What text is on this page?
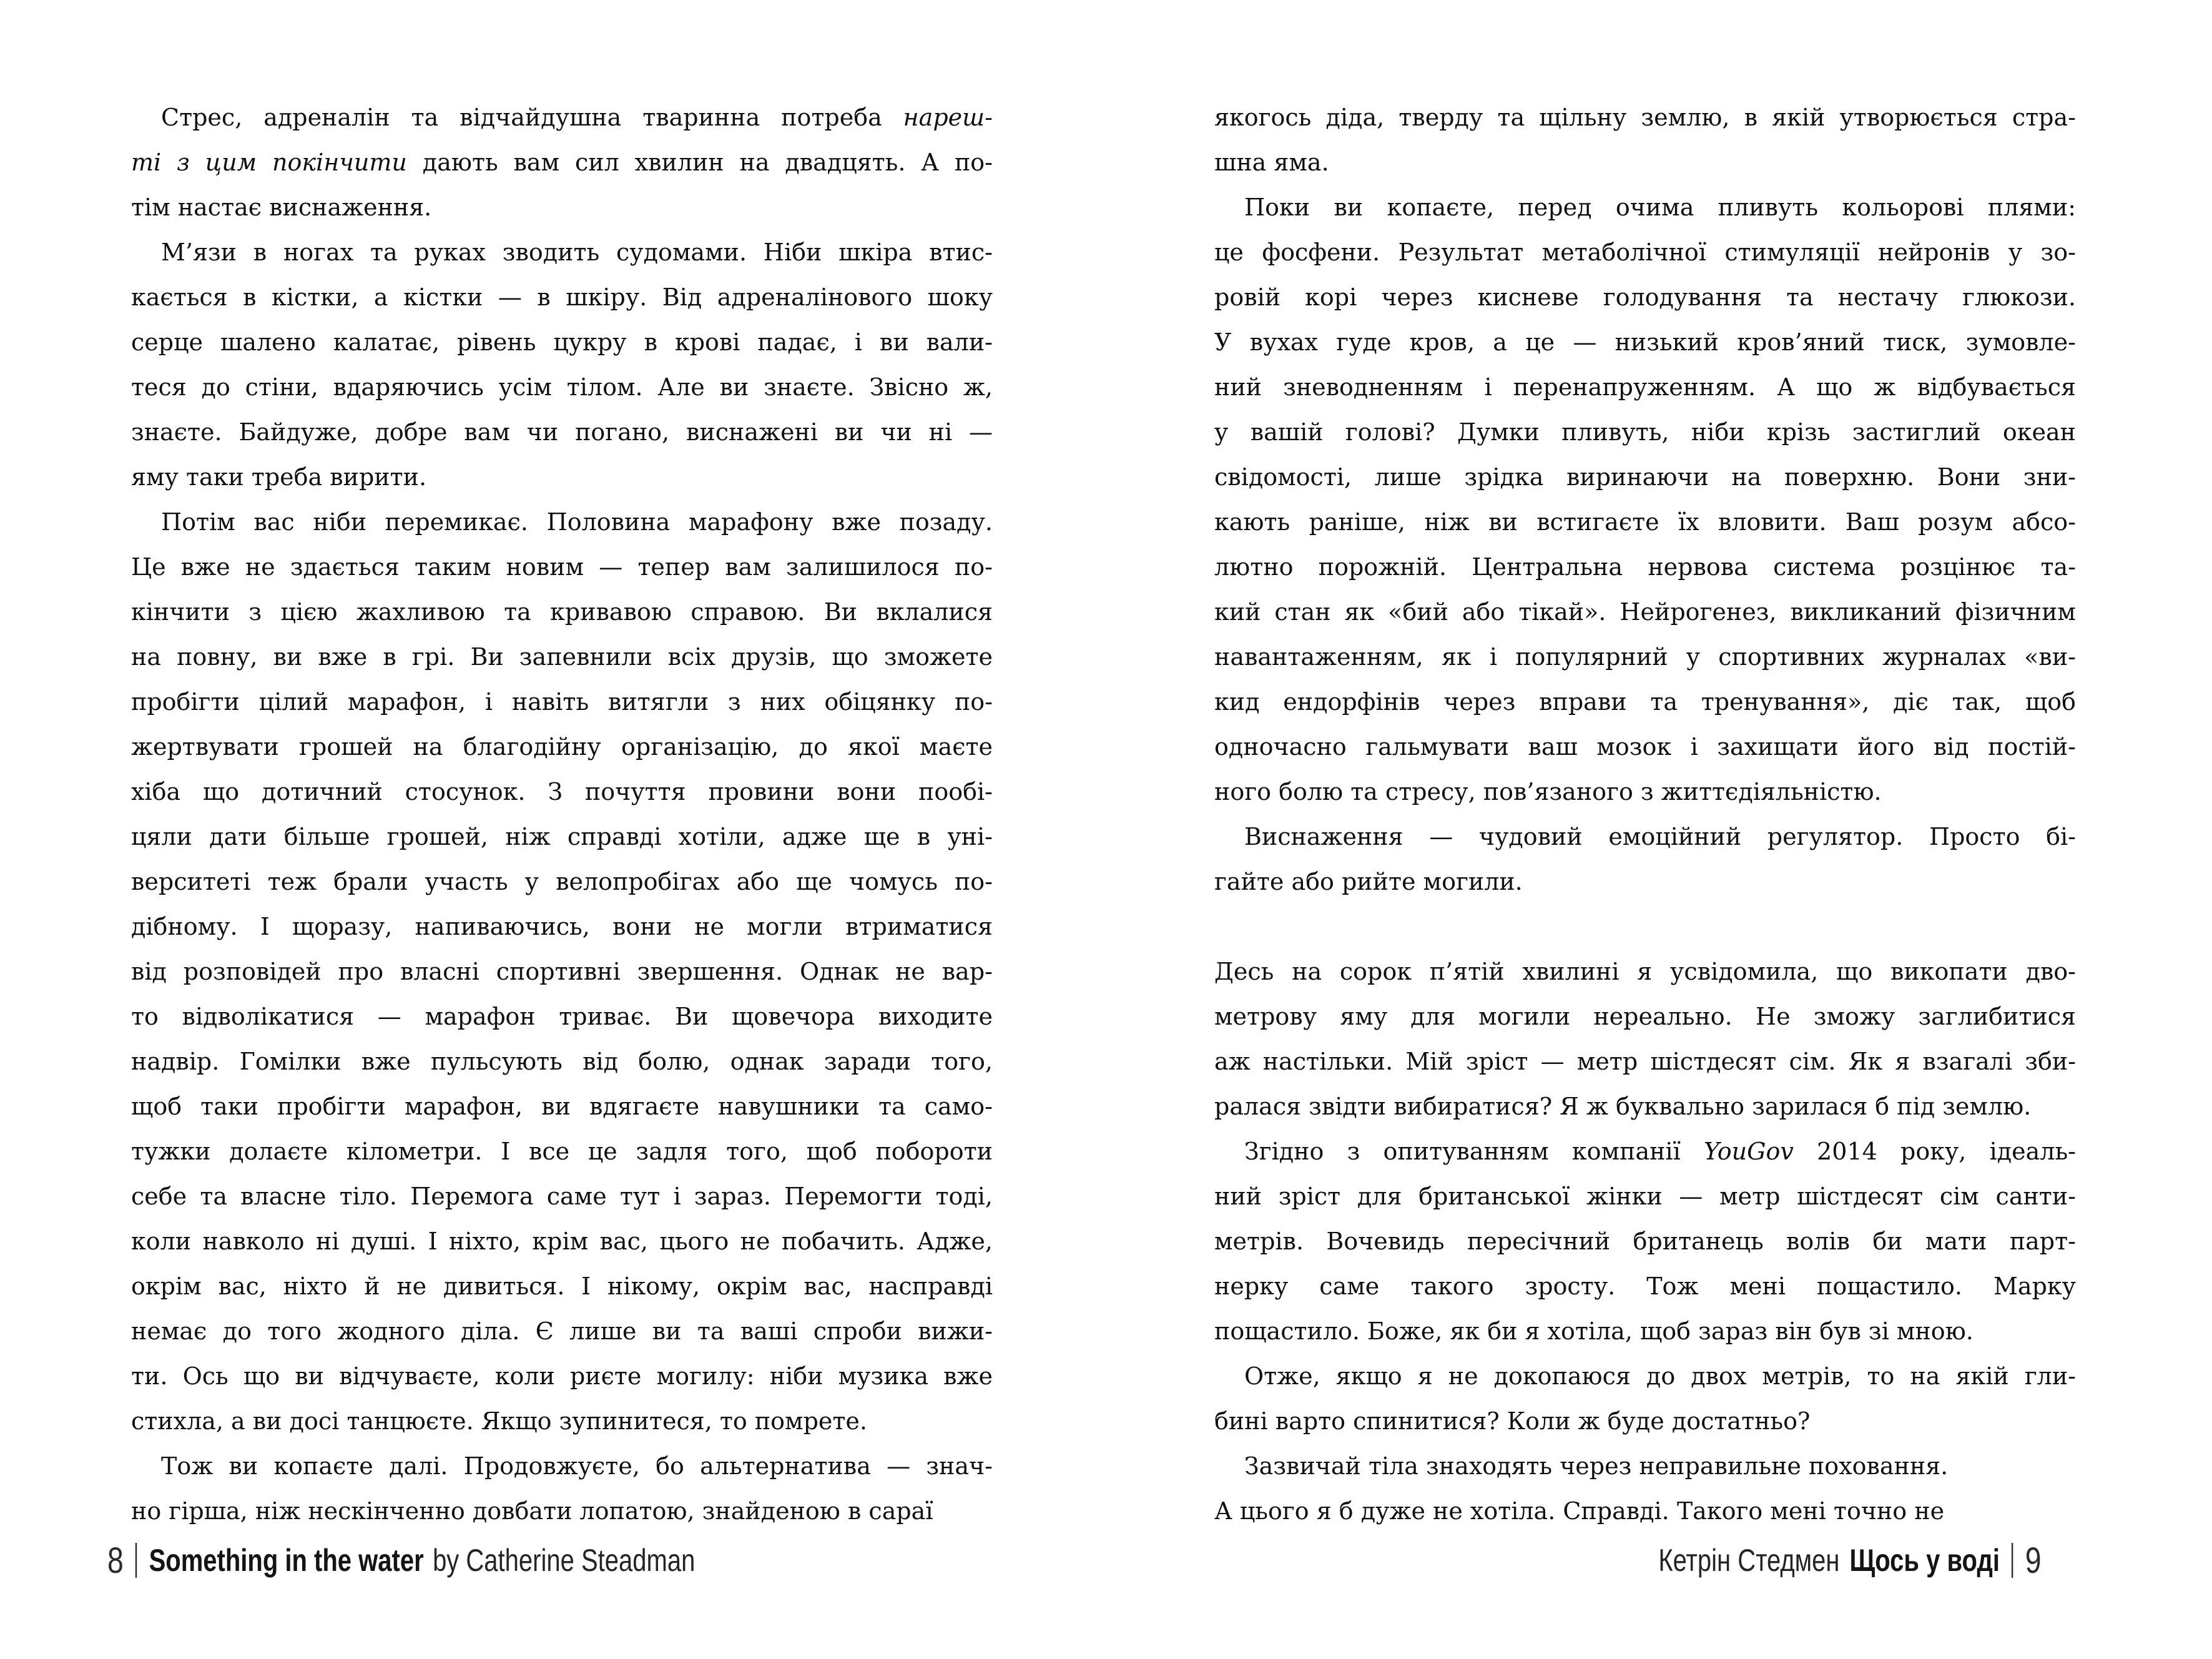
Стрес, адреналін та відчайдушна тваринна потреба нареш-
ті з цим покінчити дають вам сил хвилин на двадцять. А по-
тім настає виснаження.
М’язи в ногах та руках зводить судомами. Ніби шкіра втис-
кається в кістки, а кістки — в шкіру. Від адреналінового шоку
серце шалено калатає, рівень цукру в крові падає, і ви вали-
теся до стіни, вдаряючись усім тілом. Але ви знаєте. Звісно ж,
знаєте. Байдуже, добре вам чи погано, виснажені ви чи ні —
яму таки треба вирити.
Потім вас ніби перемикає. Половина марафону вже позаду.
Це вже не здається таким новим — тепер вам залишилося по-
кінчити з цією жахливою та кривавою справою. Ви вклалися
на повну, ви вже в грі. Ви запевнили всіх друзів, що зможете
пробігти цілий марафон, і навіть витягли з них обіцянку по-
жертвувати грошей на благодійну організацію, до якої маєте
хіба що дотичний стосунок. З почуття провини вони пообі-
цяли дати більше грошей, ніж справді хотіли, адже ще в уні-
верситеті теж брали участь у велопробігах або ще чомусь по-
дібному. І щоразу, напиваючись, вони не могли втриматися
від розповідей про власні спортивні звершення. Однак не вар-
то відволікатися — марафон триває. Ви щовечора виходите
надвір. Гомілки вже пульсують від болю, однак заради того,
щоб таки пробігти марафон, ви вдягаєте навушники та само-
тужки долаєте кілометри. І все це задля того, щоб побороти
себе та власне тіло. Перемога саме тут і зараз. Перемогти тоді,
коли навколо ні душі. І ніхто, крім вас, цього не побачить. Адже,
окрім вас, ніхто й не дивиться. І нікому, окрім вас, насправді
немає до того жодного діла. Є лише ви та ваші спроби вижи-
ти. Ось що ви відчуваєте, коли риєте могилу: ніби музика вже
стихла, а ви досі танцюєте. Якщо зупинитеся, то помрете.
Тож ви копаєте далі. Продовжуєте, бо альтернатива — знач-
но гірша, ніж нескінченно довбати лопатою, знайденою в сараї
якогось діда, тверду та щільну землю, в якій утворюється стра-
шна яма.
Поки ви копаєте, перед очима пливуть кольорові плями:
це фосфени. Результат метаболічної стимуляції нейронів у зо-
ровій корі через кисневе голодування та нестачу глюкози.
У вухах гуде кров, а це — низький кров’яний тиск, зумовле-
ний зневодненням і перенапруженням. А що ж відбувається
у вашій голові? Думки пливуть, ніби крізь застиглий океан
свідомості, лише зрідка виринаючи на поверхню. Вони зни-
кають раніше, ніж ви встигаєте їх вловити. Ваш розум абсо-
лютно порожній. Центральна нервова система розцінює та-
кий стан як «бий або тікай». Нейрогенез, викликаний фізичним
навантаженням, як і популярний у спортивних журналах «ви-
кид ендорфінів через вправи та тренування», діє так, щоб
одночасно гальмувати ваш мозок і захищати його від постій-
ного болю та стресу, пов’язаного з життєдіяльністю.
Виснаження — чудовий емоційний регулятор. Просто бі-
гайте або рийте могили.
Десь на сорок п’ятій хвилині я усвідомила, що викопати дво-
метрову яму для могили нереально. Не зможу заглибитися
аж настільки. Мій зріст — метр шістдесят сім. Як я взагалі зби-
ралася звідти вибиратися? Я ж буквально зарилася б під землю.
Згідно з опитуванням компанії YouGov 2014 року, ідеаль-
ний зріст для британської жінки — метр шістдесят сім санти-
метрів. Вочевидь пересічний британець волів би мати парт-
нерку саме такого зросту. Тож мені пощастило. Марку
пощастило. Боже, як би я хотіла, щоб зараз він був зі мною.
Отже, якщо я не докопаюся до двох метрів, то на якій гли-
бині варто спинитися? Коли ж буде достатньо?
Зазвичай тіла знаходять через неправильне поховання.
А цього я б дуже не хотіла. Справді. Такого мені точно не
8 Something in the water by Catherine Steadman	Кетрін Стедмен Щось у воді 9
